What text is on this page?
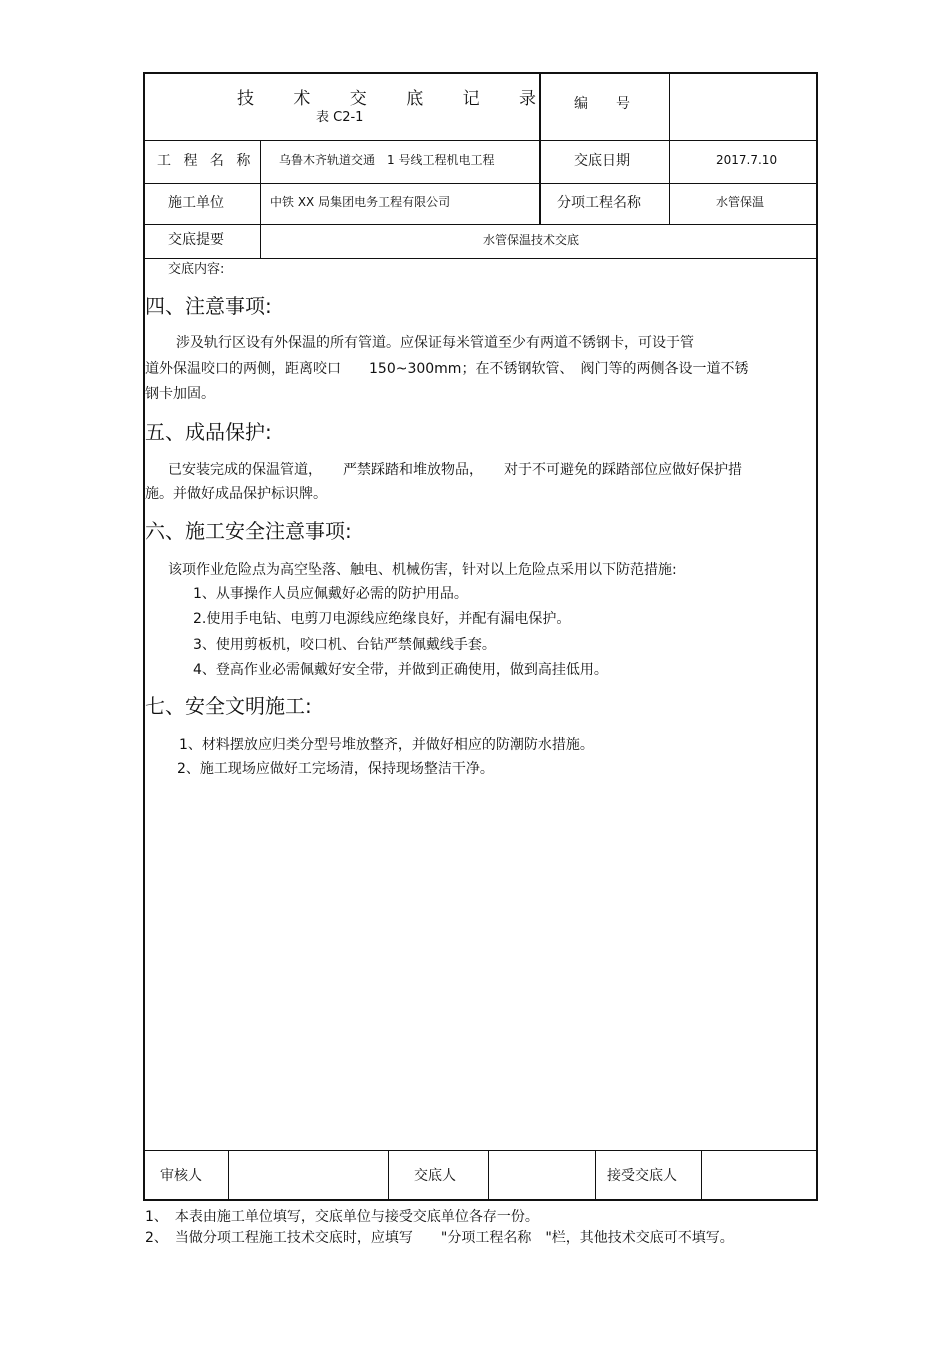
技 术 交 底 记 录
表 C2-1
编　　号
工 程 名 称 乌鲁木齐轨道交通　1 号线工程机电工程	交底日期	2017.7.10
施工单位	中铁 XX 局集团电务工程有限公司	分项工程名称	水管保温
交底提要	水管保温技术交底
交底内容:
四、注意事项:
涉及轨行区设有外保温的所有管道。应保证每米管道至少有两道不锈钢卡，可设于管
道外保温咬口的两侧，距离咬口　　150~300mm；在不锈钢软管、　阀门等的两侧各设一道不锈
钢卡加固。
五、成品保护:
已安装完成的保温管道，　　严禁踩踏和堆放物品，　　对于不可避免的踩踏部位应做好保护措
施。并做好成品保护标识牌。
六、施工安全注意事项:
该项作业危险点为高空坠落、触电、机械伤害，针对以上危险点采用以下防范措施:
1、从事操作人员应佩戴好必需的防护用品。
2.使用手电钻、电剪刀电源线应绝缘良好，并配有漏电保护。
3、使用剪板机，咬口机、台钻严禁佩戴线手套。
4、登高作业必需佩戴好安全带，并做到正确使用，做到高挂低用。
七、安全文明施工:
1、材料摆放应归类分型号堆放整齐，并做好相应的防潮防水措施。
2、施工现场应做好工完场清，保持现场整洁干净。
审核人	交底人	接受交底人
1、　本表由施工单位填写，交底单位与接受交底单位各存一份。
2、　当做分项工程施工技术交底时，应填写　　"分项工程名称　"栏，其他技术交底可不填写。
